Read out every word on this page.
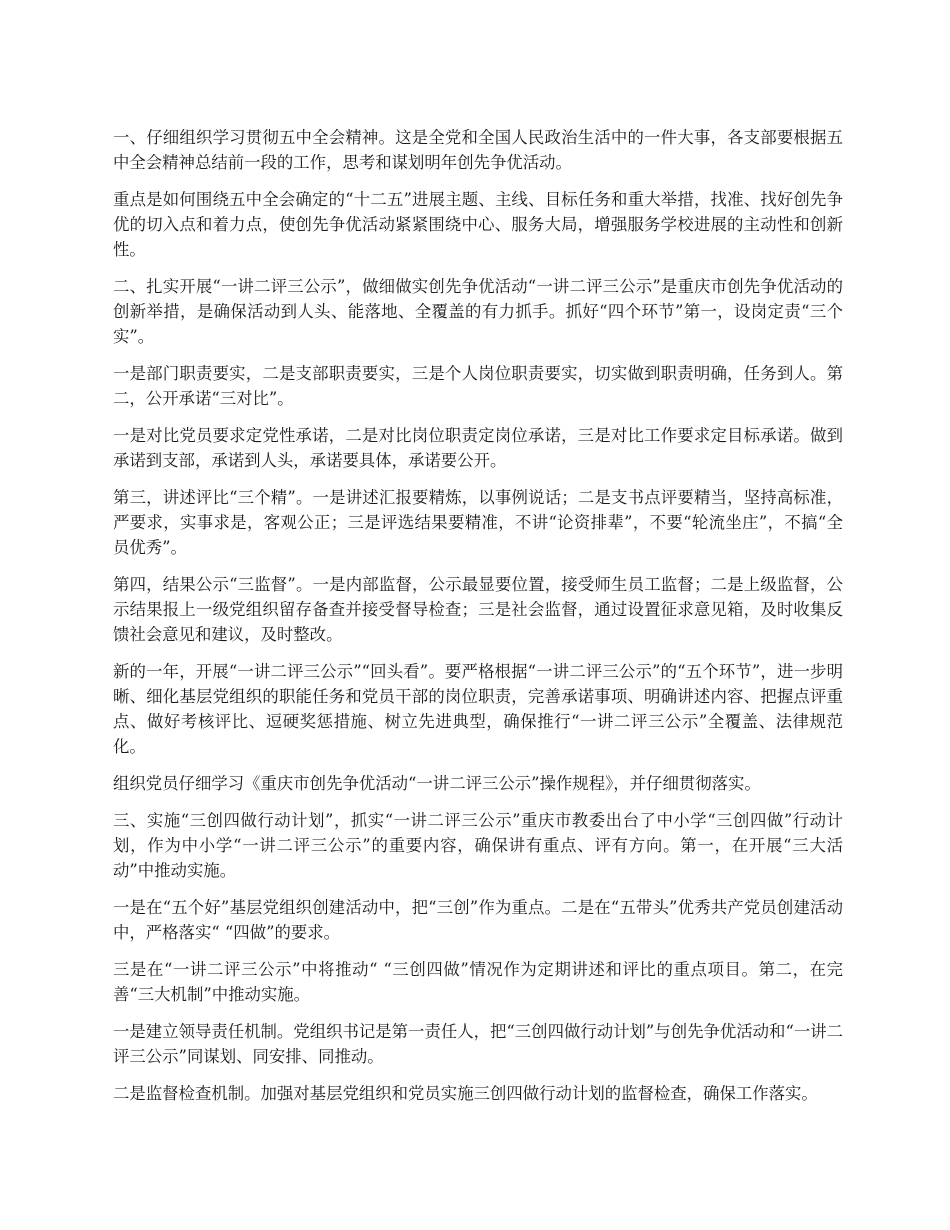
一、仔细组织学习贯彻五中全会精神。这是全党和全国人民政治生活中的一件大事，各支部要根据五中全会精神总结前一段的工作，思考和谋划明年创先争优活动。

重点是如何围绕五中全会确定的“十二五”进展主题、主线、目标任务和重大举措，找准、找好创先争优的切入点和着力点，使创先争优活动紧紧围绕中心、服务大局，增强服务学校进展的主动性和创新性。

二、扎实开展“一讲二评三公示”，做细做实创先争优活动“一讲二评三公示”是重庆市创先争优活动的创新举措，是确保活动到人头、能落地、全覆盖的有力抓手。抓好“四个环节”第一，设岗定责“三个实”。

一是部门职责要实，二是支部职责要实，三是个人岗位职责要实，切实做到职责明确，任务到人。第二，公开承诺“三对比”。

一是对比党员要求定党性承诺，二是对比岗位职责定岗位承诺，三是对比工作要求定目标承诺。做到承诺到支部，承诺到人头，承诺要具体，承诺要公开。

第三，讲述评比“三个精”。一是讲述汇报要精炼，以事例说话；二是支书点评要精当，坚持高标准，严要求，实事求是，客观公正；三是评选结果要精准，不讲“论资排辈”，不要“轮流坐庄”，不搞“全员优秀”。

第四，结果公示“三监督”。一是内部监督，公示最显要位置，接受师生员工监督；二是上级监督，公示结果报上一级党组织留存备查并接受督导检查；三是社会监督，通过设置征求意见箱，及时收集反馈社会意见和建议，及时整改。

新的一年，开展“一讲二评三公示”“回头看”。要严格根据“一讲二评三公示”的“五个环节”，进一步明晰、细化基层党组织的职能任务和党员干部的岗位职责，完善承诺事项、明确讲述内容、把握点评重点、做好考核评比、逗硬奖惩措施、树立先进典型，确保推行“一讲二评三公示”全覆盖、法律规范化。

组织党员仔细学习《重庆市创先争优活动“一讲二评三公示”操作规程》，并仔细贯彻落实。

三、实施“三创四做行动计划”，抓实“一讲二评三公示”重庆市教委出台了中小学“三创四做”行动计划，作为中小学“一讲二评三公示”的重要内容，确保讲有重点、评有方向。第一，在开展“三大活动”中推动实施。

一是在“五个好”基层党组织创建活动中，把“三创”作为重点。二是在“五带头”优秀共产党员创建活动中，严格落实“ “四做”的要求。

三是在“一讲二评三公示”中将推动“ “三创四做”情况作为定期讲述和评比的重点项目。第二，在完善“三大机制”中推动实施。

一是建立领导责任机制。党组织书记是第一责任人，把“三创四做行动计划”与创先争优活动和“一讲二评三公示”同谋划、同安排、同推动。

二是监督检查机制。加强对基层党组织和党员实施三创四做行动计划的监督检查，确保工作落实。
